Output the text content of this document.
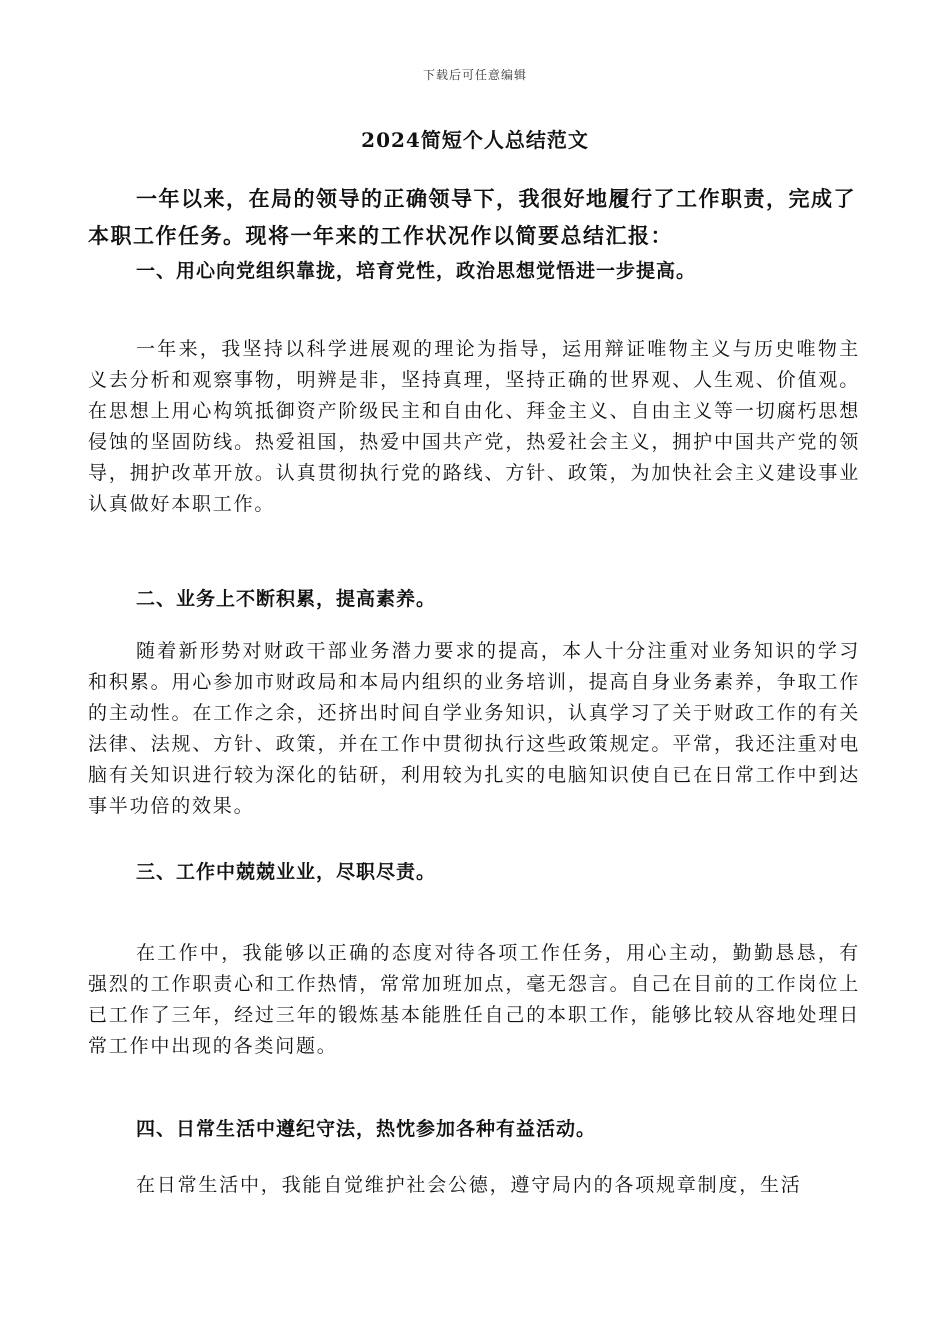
下载后可任意编辑
2024简短个人总结范文

一年以来，在局的领导的正确领导下，我很好地履行了工作职责，完成了本职工作任务。现将一年来的工作状况作以简要总结汇报：

一、用心向党组织靠拢，培育党性，政治思想觉悟进一步提高。

一年来，我坚持以科学进展观的理论为指导，运用辩证唯物主义与历史唯物主义去分析和观察事物，明辨是非，坚持真理，坚持正确的世界观、人生观、价值观。在思想上用心构筑抵御资产阶级民主和自由化、拜金主义、自由主义等一切腐朽思想侵蚀的坚固防线。热爱祖国，热爱中国共产党，热爱社会主义，拥护中国共产党的领导，拥护改革开放。认真贯彻执行党的路线、方针、政策，为加快社会主义建设事业认真做好本职工作。

二、业务上不断积累，提高素养。

随着新形势对财政干部业务潜力要求的提高，本人十分注重对业务知识的学习和积累。用心参加市财政局和本局内组织的业务培训，提高自身业务素养，争取工作的主动性。在工作之余，还挤出时间自学业务知识，认真学习了关于财政工作的有关法律、法规、方针、政策，并在工作中贯彻执行这些政策规定。平常，我还注重对电脑有关知识进行较为深化的钻研，利用较为扎实的电脑知识使自已在日常工作中到达事半功倍的效果。

三、工作中兢兢业业，尽职尽责。

在工作中，我能够以正确的态度对待各项工作任务，用心主动，勤勤恳恳，有强烈的工作职责心和工作热情，常常加班加点，毫无怨言。自己在目前的工作岗位上已工作了三年，经过三年的锻炼基本能胜任自己的本职工作，能够比较从容地处理日常工作中出现的各类问题。

四、日常生活中遵纪守法，热忱参加各种有益活动。

在日常生活中，我能自觉维护社会公德，遵守局内的各项规章制度，生活
